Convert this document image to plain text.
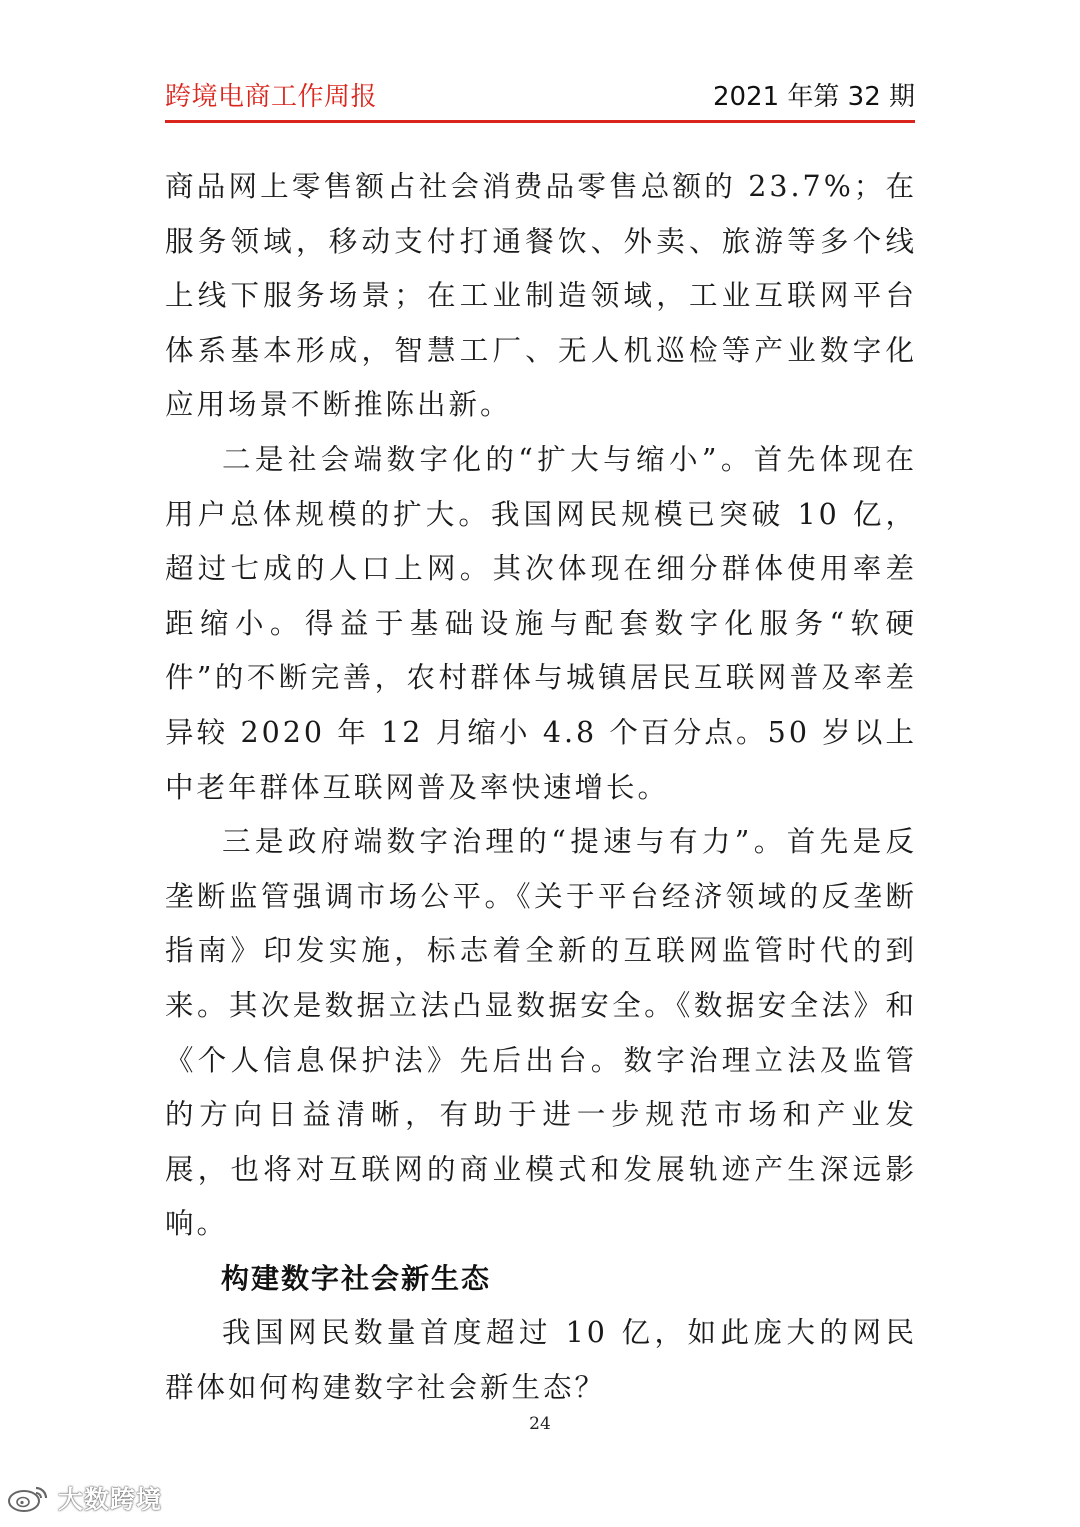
跨境电商工作周报	2021 年第 32 期

商品网上零售额占社会消费品零售总额的 23.7%；在服务领域，移动支付打通餐饮、外卖、旅游等多个线上线下服务场景；在工业制造领域，工业互联网平台体系基本形成，智慧工厂、无人机巡检等产业数字化应用场景不断推陈出新。

二是社会端数字化的“扩大与缩小”。首先体现在用户总体规模的扩大。我国网民规模已突破 10 亿，超过七成的人口上网。其次体现在细分群体使用率差距缩小。得益于基础设施与配套数字化服务“软硬件”的不断完善，农村群体与城镇居民互联网普及率差异较 2020 年 12 月缩小 4.8 个百分点。50 岁以上中老年群体互联网普及率快速增长。

三是政府端数字治理的“提速与有力”。首先是反垄断监管强调市场公平。《关于平台经济领域的反垄断指南》印发实施，标志着全新的互联网监管时代的到来。其次是数据立法凸显数据安全。《数据安全法》和《个人信息保护法》先后出台。数字治理立法及监管的方向日益清晰，有助于进一步规范市场和产业发展，也将对互联网的商业模式和发展轨迹产生深远影响。

构建数字社会新生态

我国网民数量首度超过 10 亿，如此庞大的网民群体如何构建数字社会新生态？

24
大数跨境
